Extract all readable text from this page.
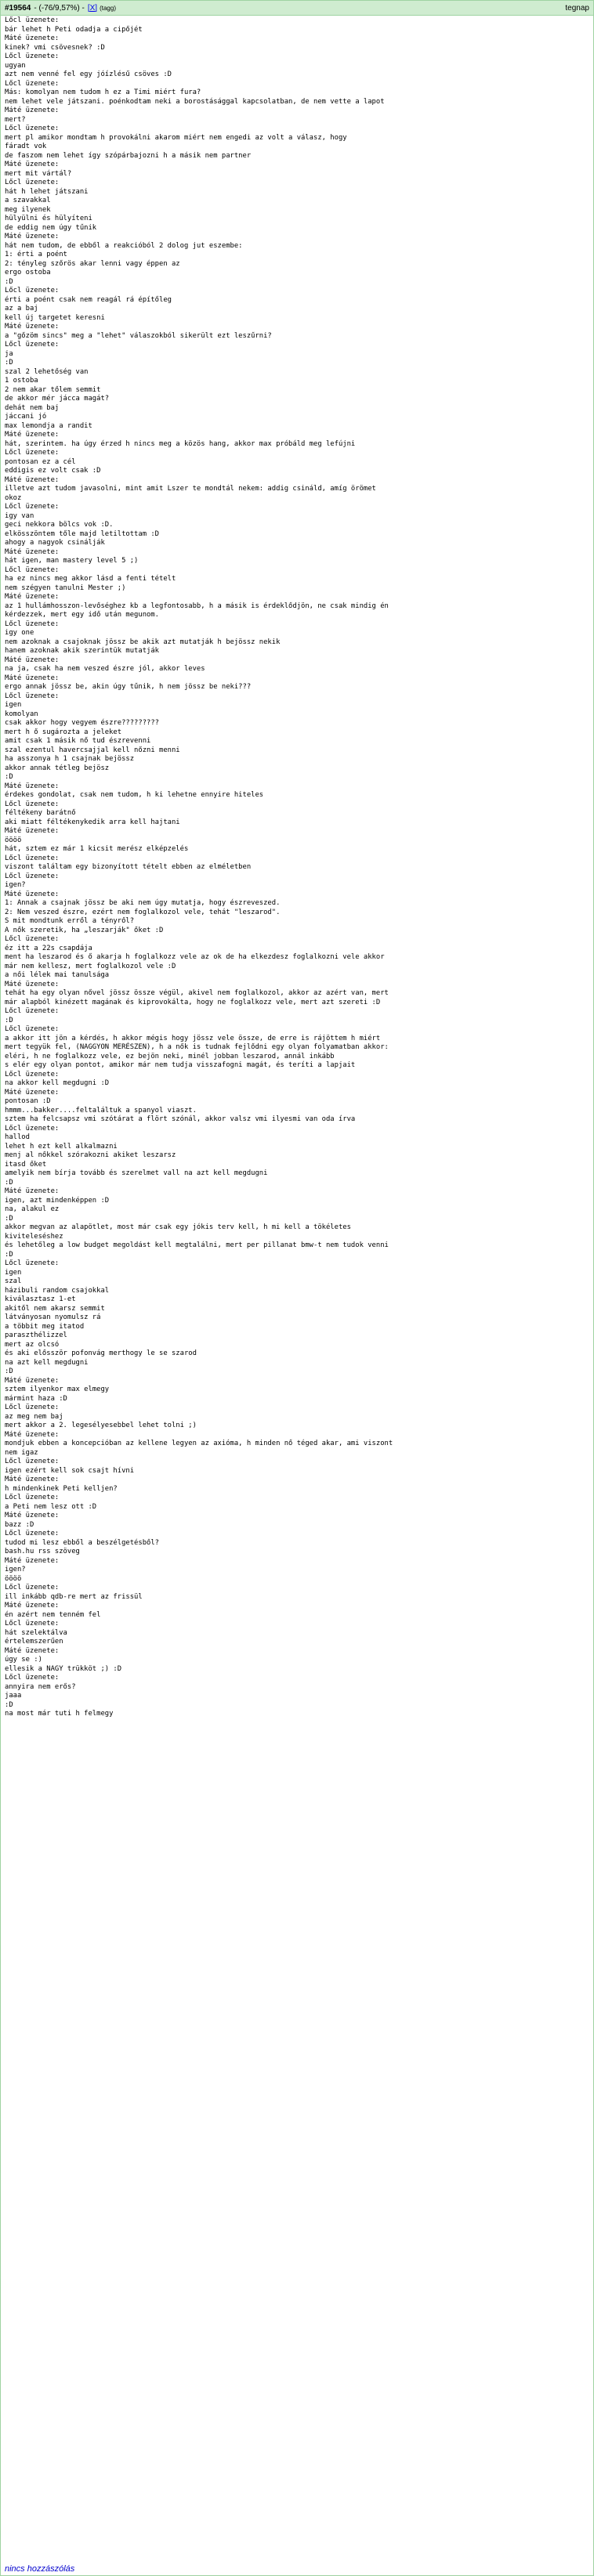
#19564 - (-76/9,57%) - [X] (tagg)	tegnap
Lőcl üzenete:
bár lehet h Peti odadja a cipőjét
Máté üzenete:
kinek? vmi csövesnek? :D
Lőcl üzenete:
ugyan
azt nem venné fel egy jóízlésű csöves :D
Lőcl üzenete:
Más: komolyan nem tudom h ez a Timi miért fura?
nem lehet vele játszani. poénkodtam neki a borostásággal kapcsolatban, de nem vette a lapot
Máté üzenete:
mert?
Lőcl üzenete:
mert pl amikor mondtam h provokálni akarom miért nem engedi az volt a válasz, hogy
fáradt vok
de faszom nem lehet így szópárbajozni h a másik nem partner
Máté üzenete:
mert mit vártál?
Lőcl üzenete:
hát h lehet játszani
a szavakkal
meg ilyenek
hülyülni és hülyíteni
de eddig nem úgy tűnik
Máté üzenete:
hát nem tudom, de ebből a reakcióból 2 dolog jut eszembe:
1: érti a poént
2: tényleg szőrös akar lenni vagy éppen az
ergo ostoba
:D
Lőcl üzenete:
érti a poént csak nem reagál rá építőleg
az a baj
kell új targetet keresni
Máté üzenete:
a "gőzöm sincs" meg a "lehet" válaszokból sikerült ezt leszűrni?
Lőcl üzenete:
ja
:D
szal 2 lehetőség van
1 ostoba
2 nem akar tőlem semmit
de akkor mér jácca magát?
dehát nem baj
jáccani jó
max lemondja a randit
Máté üzenete:
hát, szerintem. ha úgy érzed h nincs meg a közös hang, akkor max próbáld meg lefújni
Lőcl üzenete:
pontosan ez a cél
eddigis ez volt csak :D
Máté üzenete:
illetve azt tudom javasolni, mint amit Lszer te mondtál nekem: addig csináld, amíg örömet
okoz
Lőcl üzenete:
igy van
geci nekkora bölcs vok :D.
elkösszöntem tőle majd letiltottam :D
ahogy a nagyok csinálják
Máté üzenete:
hát igen, man mastery level 5 ;)
Lőcl üzenete:
ha ez nincs meg akkor lásd a fenti tételt
nem szégyen tanulni Mester ;)
Máté üzenete:
az 1 hullámhosszon-levőséghez kb a legfontosabb, h a másik is érdeklődjön, ne csak mindig én
kérdezzek, mert egy idő után megunom.
Lőcl üzenete:
igy one
nem azoknak a csajoknak jössz be akik azt mutatják h bejössz nekik
hanem azoknak akik szerintük mutatják
Máté üzenete:
na ja, csak ha nem veszed észre jól, akkor leves
Máté üzenete:
ergo annak jössz be, akin úgy tűnik, h nem jössz be neki???
Lőcl üzenete:
igen
komolyan
csak akkor hogy vegyem észre?????????
mert h ő sugározta a jeleket
amit csak 1 másik nő tud észrevenni
szal ezentul havercsajjal kell nőzni menni
ha asszonya h 1 csajnak bejössz
akkor annak tétleg bejösz
:D
Máté üzenete:
érdekes gondolat, csak nem tudom, h ki lehetne ennyire hiteles
Lőcl üzenete:
féltékeny barátnő
aki miatt féltékenykedik arra kell hajtani
Máté üzenete:
öööö
hát, sztem ez már 1 kicsit merész elképzelés
Lőcl üzenete:
viszont találtam egy bizonyított tételt ebben az elméletben
Lőcl üzenete:
igen?
Máté üzenete:
1: Annak a csajnak jössz be aki nem úgy mutatja, hogy észreveszed.
2: Nem veszed észre, ezért nem foglalkozol vele, tehát "leszarod".
S mit mondtunk erről a tényről?
A nők szeretik, ha „leszarják" őket :D
Lőcl üzenete:
éz itt a 22s csapdája
ment ha leszarod és ő akarja h foglalkozz vele az ok de ha elkezdesz foglalkozni vele akkor
már nem kellesz, mert foglalkozol vele :D
a női lélek mai tanulsága
Máté üzenete:
tehát ha egy olyan nővel jössz össze végül, akivel nem foglalkozol, akkor az azért van, mert
már alapból kinézett magának és kiprovokálta, hogy ne foglalkozz vele, mert azt szereti :D
Lőcl üzenete:
:D
Lőcl üzenete:
a akkor itt jön a kérdés, h akkor mégis hogy jössz vele össze, de erre is rájöttem h miért
mert tegyük fel, (NAGGYON MERÉSZEN), h a nők is tudnak fejlődni egy olyan folyamatban akkor:
eléri, h ne foglalkozz vele, ez bejön neki, minél jobban leszarod, annál inkább
s elér egy olyan pontot, amikor már nem tudja visszafogni magát, és teríti a lapjait
Lőcl üzenete:
na akkor kell megdugni :D
Máté üzenete:
pontosan :D
hmmm...bakker....feltaláltuk a spanyol viaszt.
sztem ha felcsapsz vmi szótárat a flört szónál, akkor valsz vmi ilyesmi van oda írva
Lőcl üzenete:
hallod
lehet h ezt kell alkalmazni
menj al nőkkel szórakozni akiket leszarsz
itasd őket
amelyik nem bírja tovább és szerelmet vall na azt kell megdugni
:D
Máté üzenete:
igen, azt mindenképpen :D
na, alakul ez
:D
akkor megvan az alapötlet, most már csak egy jókis terv kell, h mi kell a tökéletes
kiviteleséshez
és lehetőleg a low budget megoldást kell megtalálni, mert per pillanat bmw-t nem tudok venni
:D
Lőcl üzenete:
igen
szal
házibuli random csajokkal
kiválasztasz 1-et
akitől nem akarsz semmit
látványosan nyomulsz rá
a többit meg itatod
paraszthélizzel
mert az olcsó
és aki elősször pofonvág merthogy le se szarod
na azt kell megdugni
:D
Máté üzenete:
sztem ilyenkor max elmegy
mármint haza :D
Lőcl üzenete:
az meg nem baj
mert akkor a 2. legesélyesebbel lehet tolni ;)
Máté üzenete:
mondjuk ebben a koncepcióban az kellene legyen az axióma, h minden nő téged akar, ami viszont
nem igaz
Lőcl üzenete:
igen ezért kell sok csajt hívni
Máté üzenete:
h mindenkinek Peti kelljen?
Lőcl üzenete:
a Peti nem lesz ott :D
Máté üzenete:
bazz :D
Lőcl üzenete:
tudod mi lesz ebből a beszélgetésből?
bash.hu rss szöveg
Máté üzenete:
igen?
öööö
Lőcl üzenete:
ill inkább qdb-re mert az frissül
Máté üzenete:
én azért nem tenném fel
Lőcl üzenete:
hát szelektálva
értelemszerűen
Máté üzenete:
úgy se :)
ellesik a NAGY trükköt ;) :D
Lőcl üzenete:
annyira nem erős?
jaaa
:D
na most már tuti h felmegy
nincs hozzászólás
